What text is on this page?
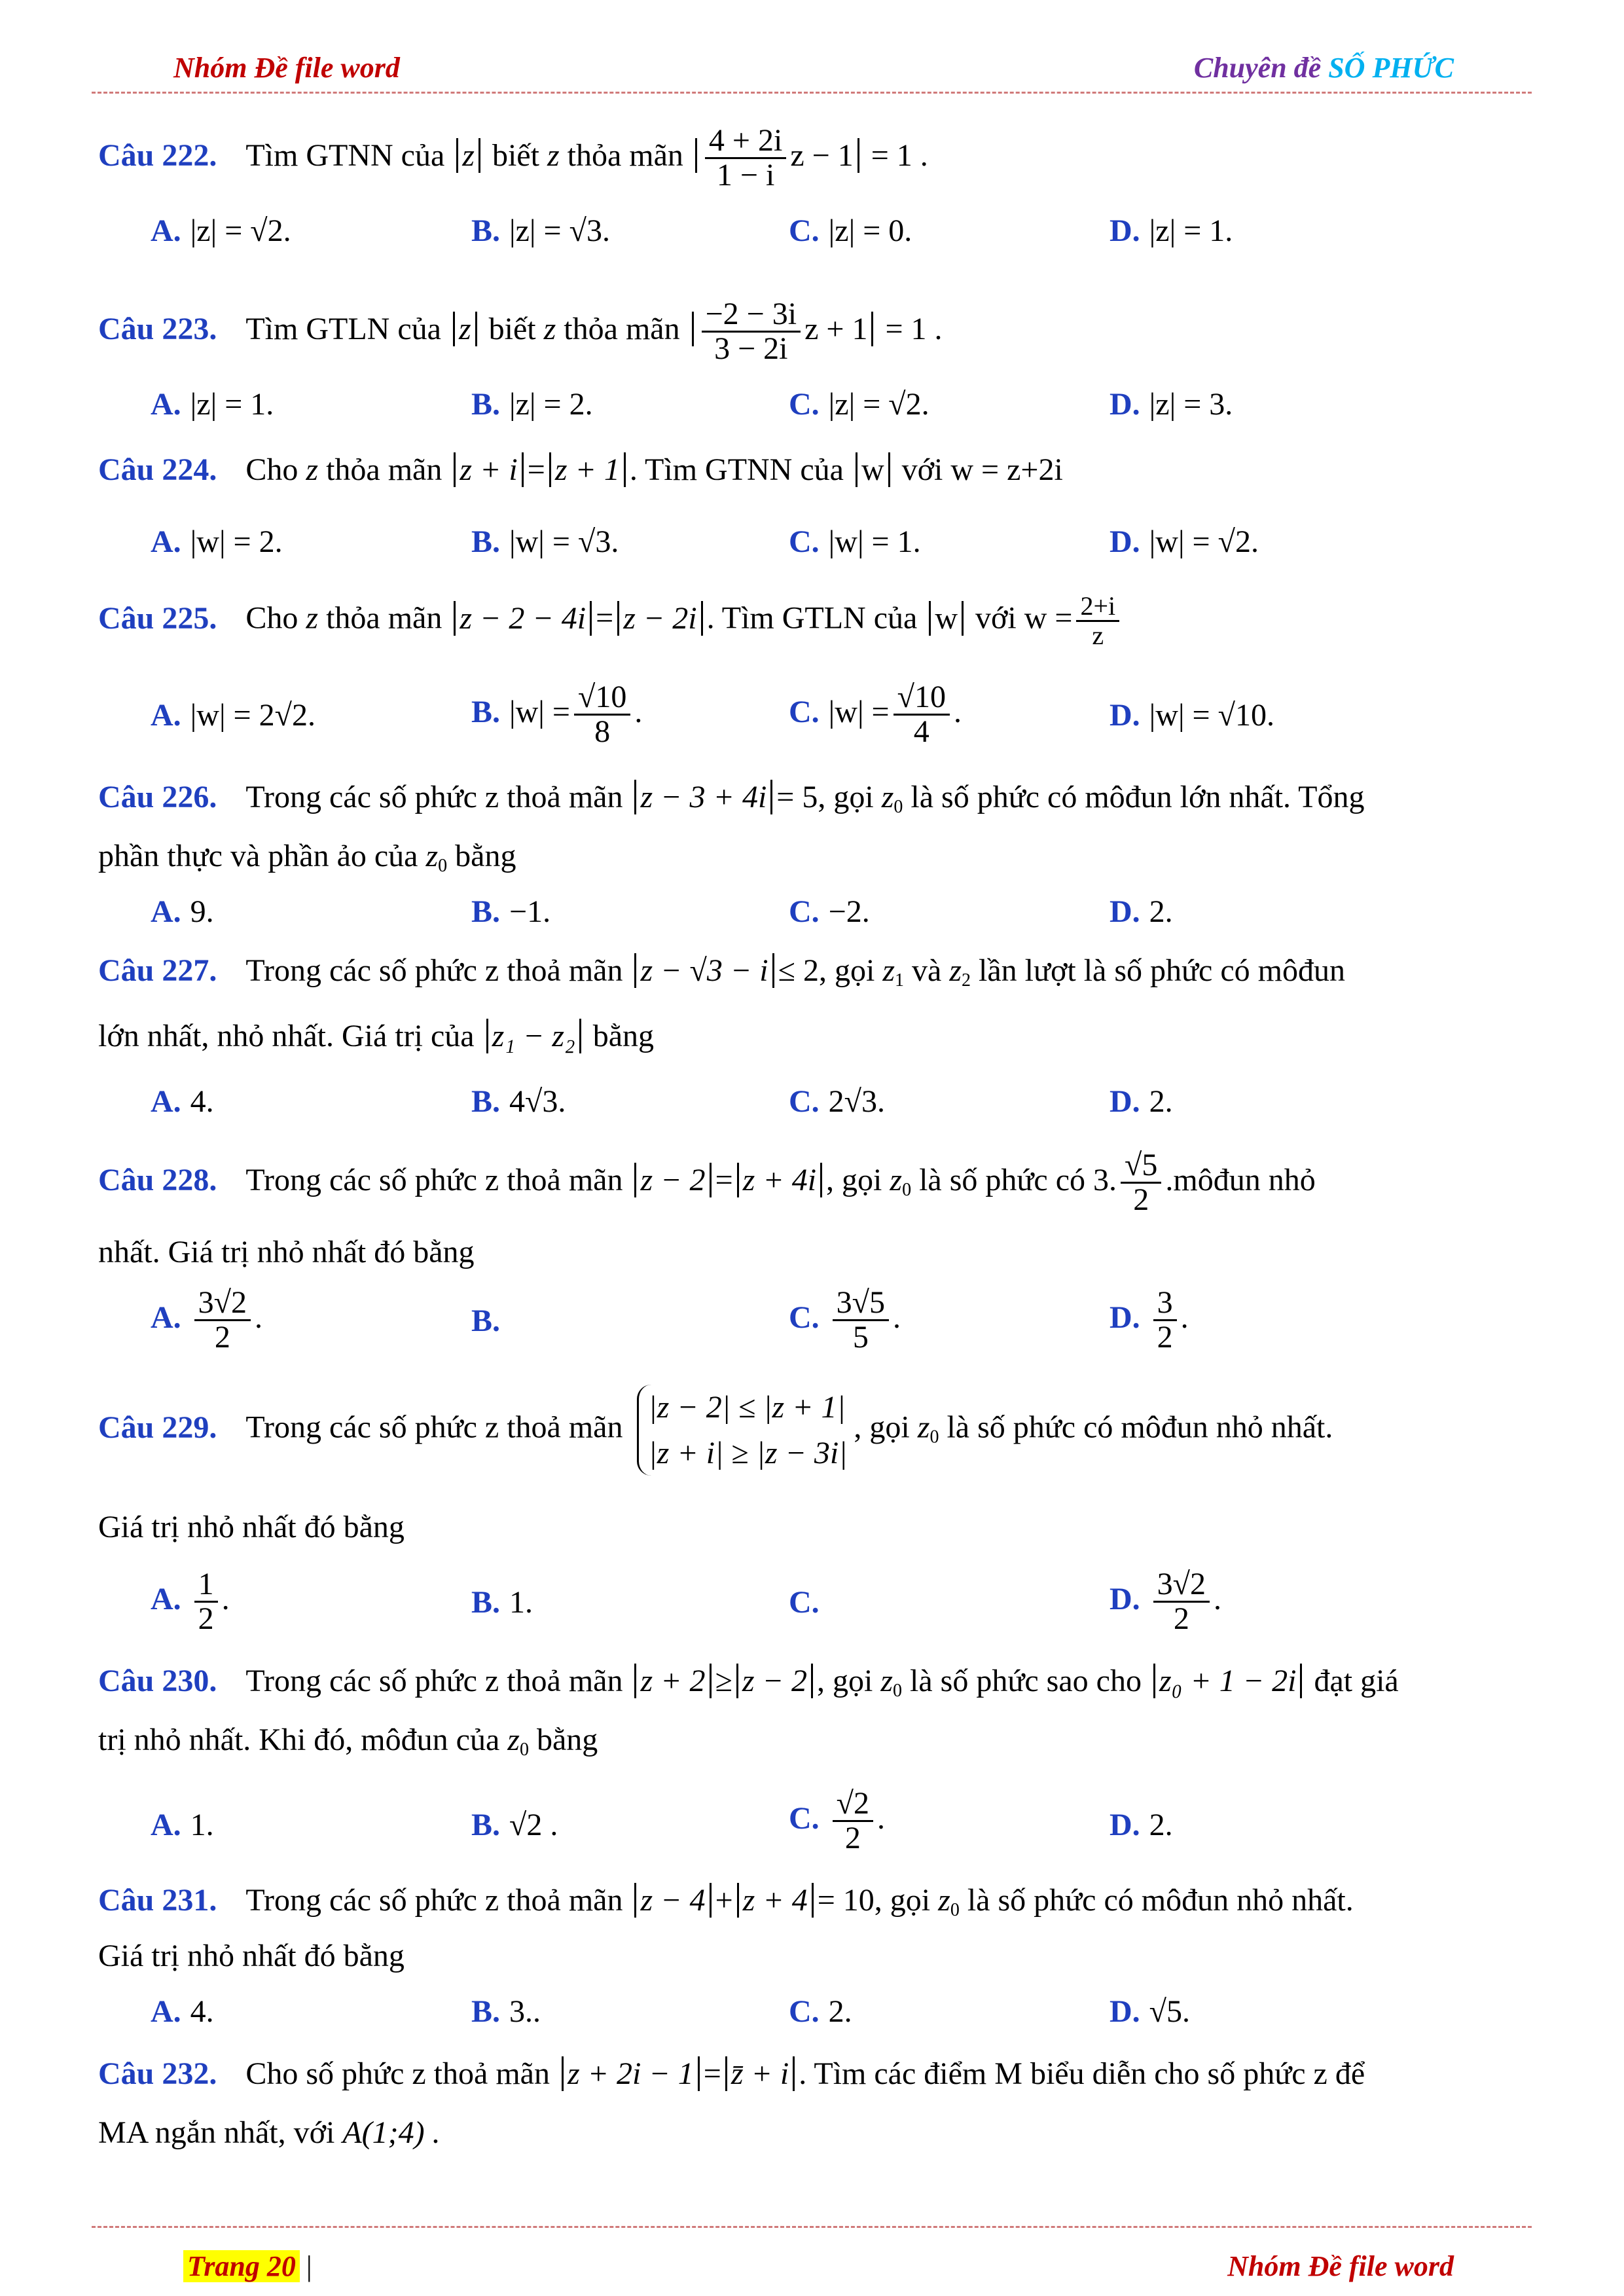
Nhóm Đề file word	Chuyên đề SỐ PHỨC
Câu 222. Tìm GTNN của z biết z thỏa mãn $\frac{4 + 2i}{1 - i}$ z − 1 = 1 .
A. |z| = √2.	B. |z| = √3.	C. |z| = 0.	D. |z| = 1.
Câu 223. Tìm GTLN của z biết z thỏa mãn $\frac{-2 - 3i}{3 - 2i}$ z + 1 = 1 .
A. |z| = 1.	B. |z| = 2.	C. |z| = √2.	D. |z| = 3.
Câu 224. Cho z thỏa mãn z + i = z + 1 . Tìm GTNN của w với w = z+2i
A. |w| = 2.	B. |w| = √3.	C. |w| = 1.	D. |w| = √2.
Câu 225. Cho z thỏa mãn z − 2 − 4i = z − 2i . Tìm GTLN của w với $w = \frac{2+i}{z}$
A. |w| = 2√2.	B. $|w| = \frac{√10}{8}$ .	C. $|w| = \frac{√10}{4}$ .	D. |w| = √10.
Câu 226. Trong các số phức z thoả mãn z − 3 + 4i = 5, gọi $z_0$ là số phức có môđun lớn nhất. Tổng
phần thực và phần ảo của $z_0$ bằng
A. 9.	B. −1.	C. −2.	D. 2.
Câu 227. Trong các số phức z thoả mãn z − √3 − i ≤ 2, gọi $z_1$ và $z_2$ lần lượt là số phức có môđun
lớn nhất, nhỏ nhất. Giá trị của z₁ − z₂ bằng
A. 4.	B. 4√3.	C. 2√3.	D. 2.
Câu 228. Trong các số phức z thoả mãn z − 2 = z + 4i , gọi $z_0$ là số phức có 3. $\frac{√5}{2}$ .môđun nhỏ
nhất. Giá trị nhỏ nhất đó bằng
A. $\frac{3√2}{2}$ .	B.	C. $\frac{3√5}{5}$ .	D. $\frac{3}{2}$ .
Câu 229. Trong các số phức z thoả mãn
|z − 2| ≤ |z + 1|
|z + i| ≥ |z − 3i|
, gọi $z_0$ là số phức có môđun nhỏ nhất.
Giá trị nhỏ nhất đó bằng
A. $\frac{1}{2}$ .	B. 1.	C.	D. $\frac{3√2}{2}$ .
Câu 230. Trong các số phức z thoả mãn z + 2 ≥ z − 2 , gọi $z_0$ là số phức sao cho z₀ + 1 − 2i đạt giá
trị nhỏ nhất. Khi đó, môđun của $z_0$ bằng
A. 1.	B. √2 .	C. $\frac{√2}{2}$ .	D. 2.
Câu 231. Trong các số phức z thoả mãn z − 4 + z + 4 = 10, gọi $z_0$ là số phức có môđun nhỏ nhất.
Giá trị nhỏ nhất đó bằng
A. 4.	B. 3..	C. 2.	D. √5.
Câu 232. Cho số phức z thoả mãn z + 2i − 1 = z̄ + i . Tìm các điểm M biểu diễn cho số phức z để
MA ngắn nhất, với A(1;4) .
Trang 20 |	Nhóm Đề file word
